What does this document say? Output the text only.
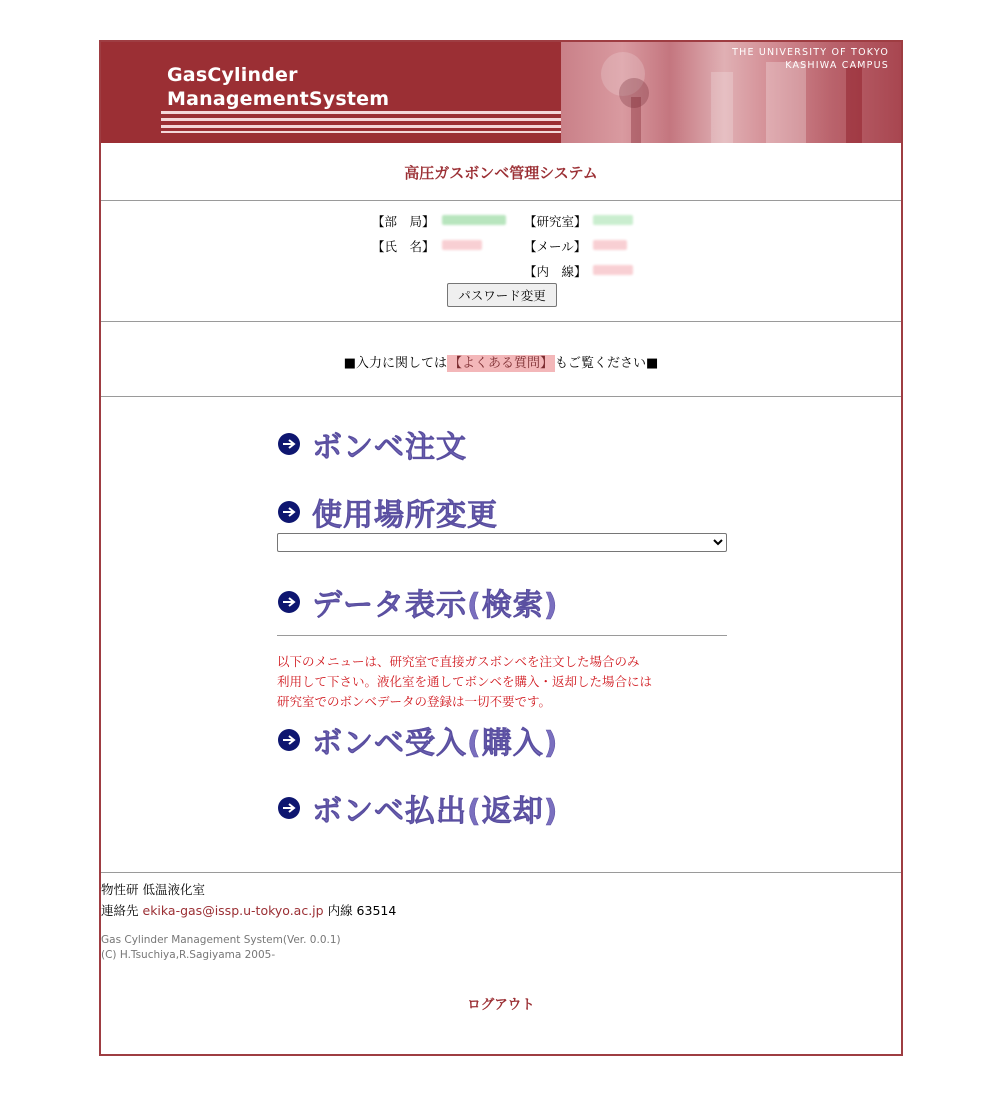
GasCylinder
ManagementSystem
THE UNIVERSITY OF TOKYO
KASHIWA CAMPUS
高圧ガスボンベ管理システム
【部　局】	【研究室】
【氏　名】	【メール】
【内　線】
パスワード変更
■入力に関しては 【よくある質問】 もご覧ください■
ボンベ注文
使用場所変更
データ表示(検索)
以下のメニューは、研究室で直接ガスボンベを注文した場合のみ
利用して下さい。液化室を通してボンベを購入・返却した場合には
研究室でのボンベデータの登録は一切不要です。
ボンベ受入(購入)
ボンベ払出(返却)
物性研 低温液化室
連絡先 ekika-gas@issp.u-tokyo.ac.jp 内線 63514
Gas Cylinder Management System(Ver. 0.0.1)
(C) H.Tsuchiya,R.Sagiyama 2005-
ログアウト
